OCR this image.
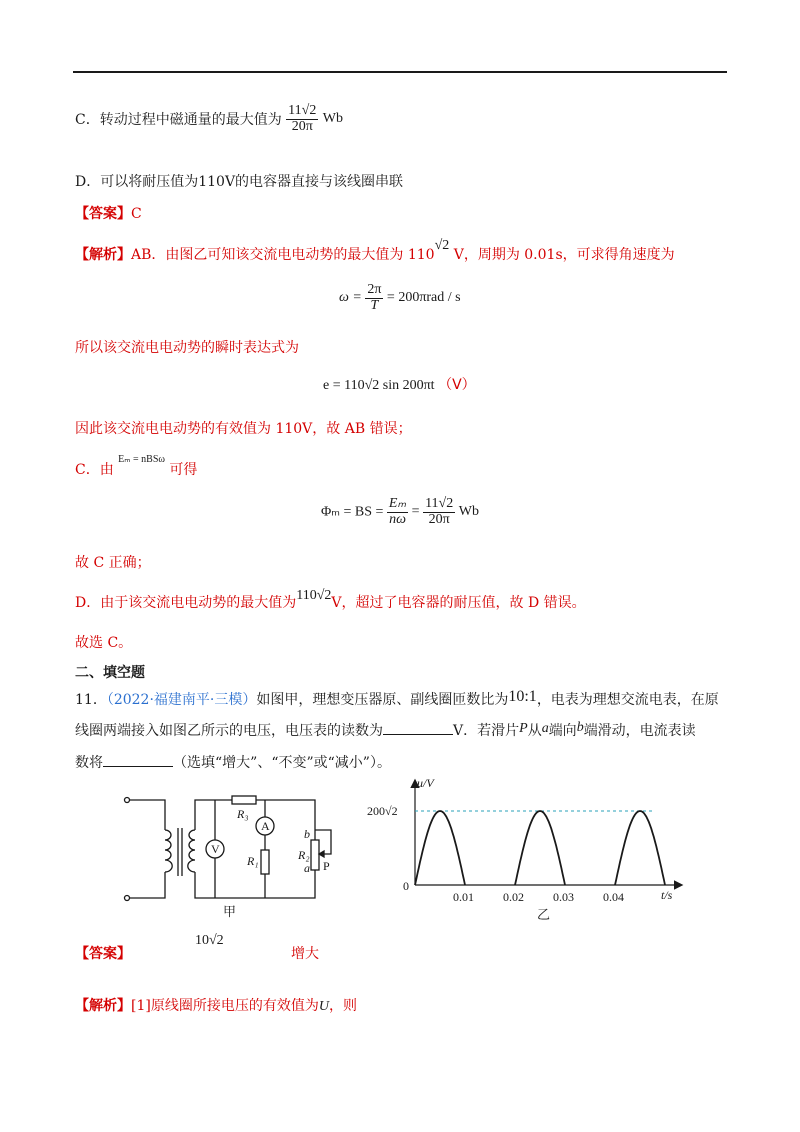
C．转动过程中磁通量的最大值为 $\frac{11√2}{20\pi}$ Wb
D．可以将耐压值为110V的电容器直接与该线圈串联
【答案】C
【解析】AB．由图乙可知该交流电电动势的最大值为 110√2 V，周期为 0.01s，可求得角速度为
$\omega = \frac{2\pi}{T} = 200\pi rad / s$
所以该交流电电动势的瞬时表达式为
e = 110√2 sin 200πt （V）
因此该交流电电动势的有效值为 110V，故 AB 错误；
C．由 $^{E_m = nBS\omega}$ 可得
Φₘ = BS = $\frac{\text{Eₘ}}{n\omega} = \frac{11√2}{20\pi}$ Wb
故 C 正确；
D．由于该交流电电动势的最大值为110√2V，超过了电容器的耐压值，故 D 错误。
故选 C。
二、填空题
11．（2022·福建南平·三模）如图甲，理想变压器原、副线圈匝数比为10:1，电表为理想交流电表，在原
线圈两端接入如图乙所示的电压，电压表的读数为	V．若滑片P从a端向b端滑动，电流表读
数将	（选填“增大”、“不变”或“减小”）。
V
A
R₃
R₁	R₂
b
a P
甲
u/V
t/s
200√2
0
0.01 0.02 0.03 0.04
乙
【答案】
10√2
增大
【解析】[1]原线圈所接电压的有效值为U，则
